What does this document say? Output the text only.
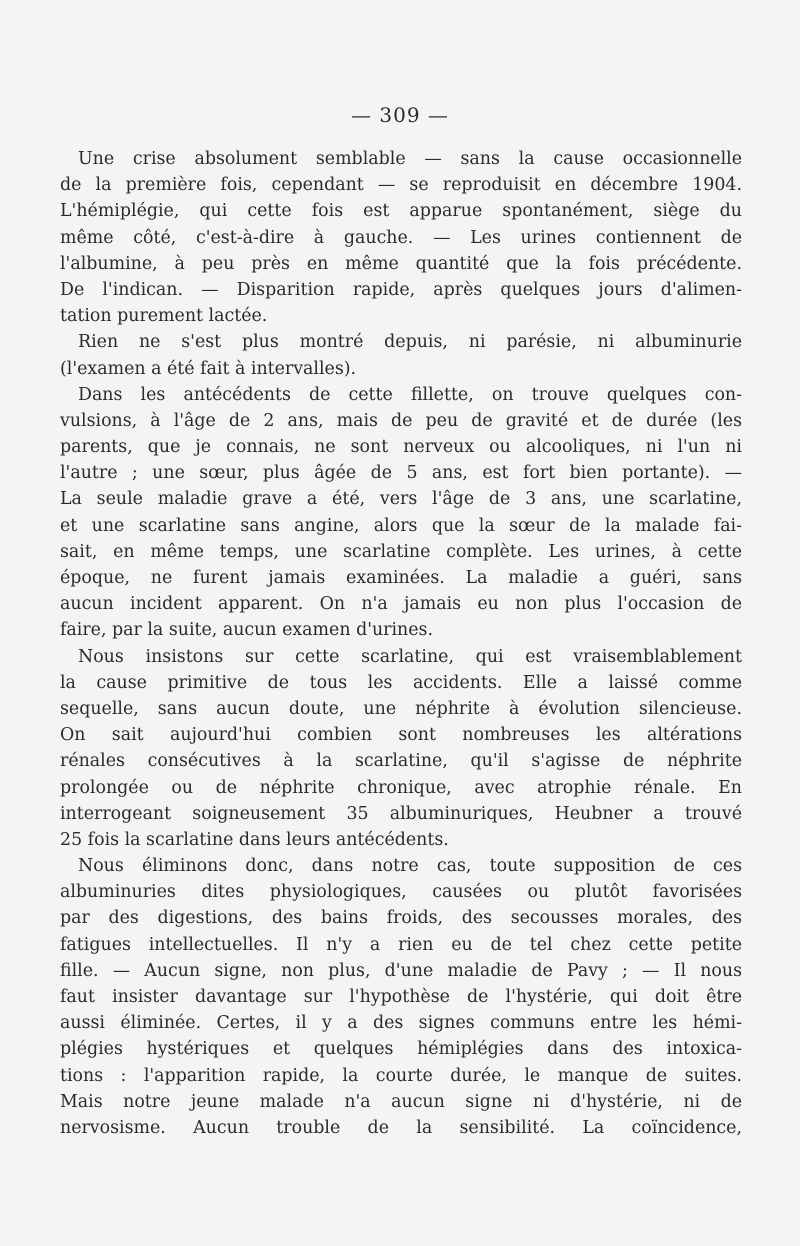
— 309 —
Une crise absolument semblable — sans la cause occasionnelle
de la première fois, cependant — se reproduisit en décembre 1904.
L'hémiplégie, qui cette fois est apparue spontanément, siège du
même côté, c'est-à-dire à gauche. — Les urines contiennent de
l'albumine, à peu près en même quantité que la fois précédente.
De l'indican. — Disparition rapide, après quelques jours d'alimen-
tation purement lactée.
Rien ne s'est plus montré depuis, ni parésie, ni albuminurie
(l'examen a été fait à intervalles).
Dans les antécédents de cette fillette, on trouve quelques con-
vulsions, à l'âge de 2 ans, mais de peu de gravité et de durée (les
parents, que je connais, ne sont nerveux ou alcooliques, ni l'un ni
l'autre ; une sœur, plus âgée de 5 ans, est fort bien portante). —
La seule maladie grave a été, vers l'âge de 3 ans, une scarlatine,
et une scarlatine sans angine, alors que la sœur de la malade fai-
sait, en même temps, une scarlatine complète. Les urines, à cette
époque, ne furent jamais examinées. La maladie a guéri, sans
aucun incident apparent. On n'a jamais eu non plus l'occasion de
faire, par la suite, aucun examen d'urines.
Nous insistons sur cette scarlatine, qui est vraisemblablement
la cause primitive de tous les accidents. Elle a laissé comme
sequelle, sans aucun doute, une néphrite à évolution silencieuse.
On sait aujourd'hui combien sont nombreuses les altérations
rénales consécutives à la scarlatine, qu'il s'agisse de néphrite
prolongée ou de néphrite chronique, avec atrophie rénale. En
interrogeant soigneusement 35 albuminuriques, Heubner a trouvé
25 fois la scarlatine dans leurs antécédents.
Nous éliminons donc, dans notre cas, toute supposition de ces
albuminuries dites physiologiques, causées ou plutôt favorisées
par des digestions, des bains froids, des secousses morales, des
fatigues intellectuelles. Il n'y a rien eu de tel chez cette petite
fille. — Aucun signe, non plus, d'une maladie de Pavy ; — Il nous
faut insister davantage sur l'hypothèse de l'hystérie, qui doit être
aussi éliminée. Certes, il y a des signes communs entre les hémi-
plégies hystériques et quelques hémiplégies dans des intoxica-
tions : l'apparition rapide, la courte durée, le manque de suites.
Mais notre jeune malade n'a aucun signe ni d'hystérie, ni de
nervosisme. Aucun trouble de la sensibilité. La coïncidence,
